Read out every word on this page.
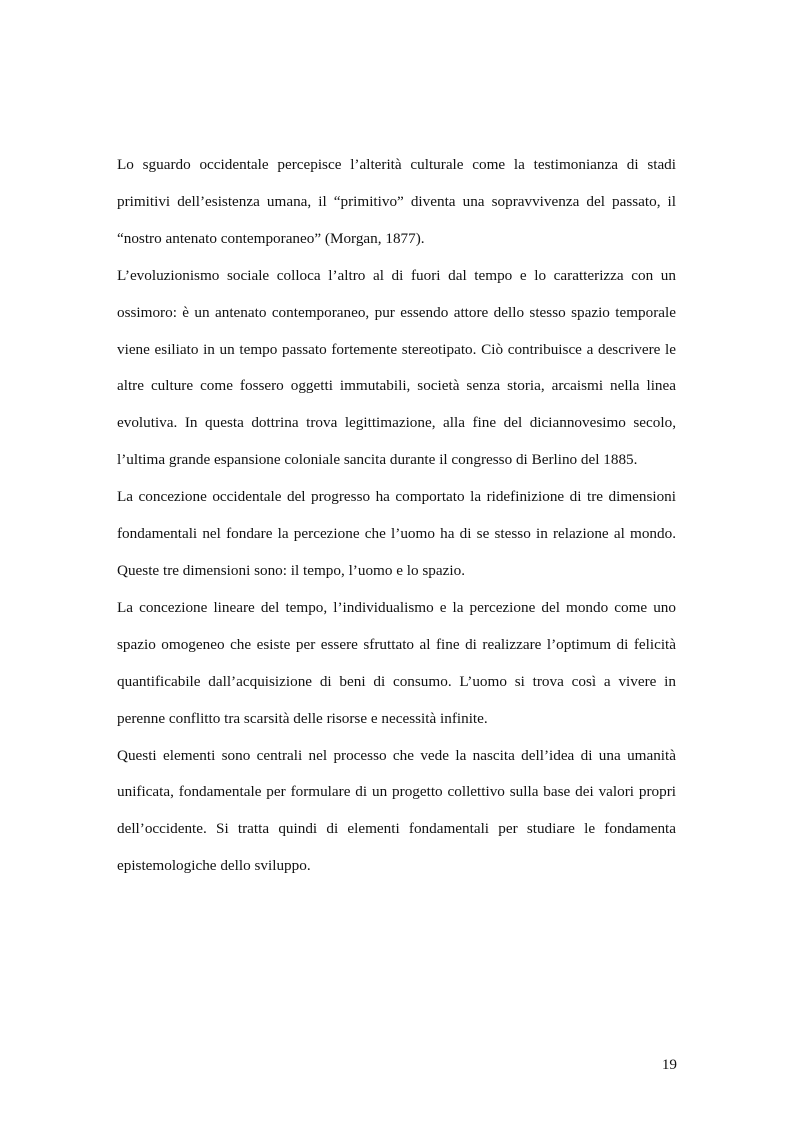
Lo sguardo occidentale percepisce l’alterità culturale come la testimonianza di stadi primitivi dell’esistenza umana, il “primitivo” diventa una sopravvivenza del passato, il “nostro antenato contemporaneo” (Morgan, 1877).

L’evoluzionismo sociale colloca l’altro al di fuori dal tempo e lo caratterizza con un ossimoro: è un antenato contemporaneo, pur essendo attore dello stesso spazio temporale viene esiliato in un tempo passato fortemente stereotipato. Ciò contribuisce a descrivere le altre culture come fossero oggetti immutabili, società senza storia, arcaismi nella linea evolutiva. In questa dottrina trova legittimazione, alla fine del diciannovesimo secolo, l’ultima grande espansione coloniale sancita durante il congresso di Berlino del 1885.

La concezione occidentale del progresso ha comportato la ridefinizione di tre dimensioni fondamentali nel fondare la percezione che l’uomo ha di se stesso in relazione al mondo. Queste tre dimensioni sono: il tempo, l’uomo e lo spazio.

La concezione lineare del tempo, l’individualismo e la percezione del mondo come uno spazio omogeneo che esiste per essere sfruttato al fine di realizzare l’optimum di felicità quantificabile dall’acquisizione di beni di consumo. L’uomo si trova così a vivere in perenne conflitto tra scarsità delle risorse e necessità infinite.

Questi elementi sono centrali nel processo che vede la nascita dell’idea di una umanità unificata, fondamentale per formulare di un progetto collettivo sulla base dei valori propri dell’occidente. Si tratta quindi di elementi fondamentali per studiare le fondamenta epistemologiche dello sviluppo.

19
